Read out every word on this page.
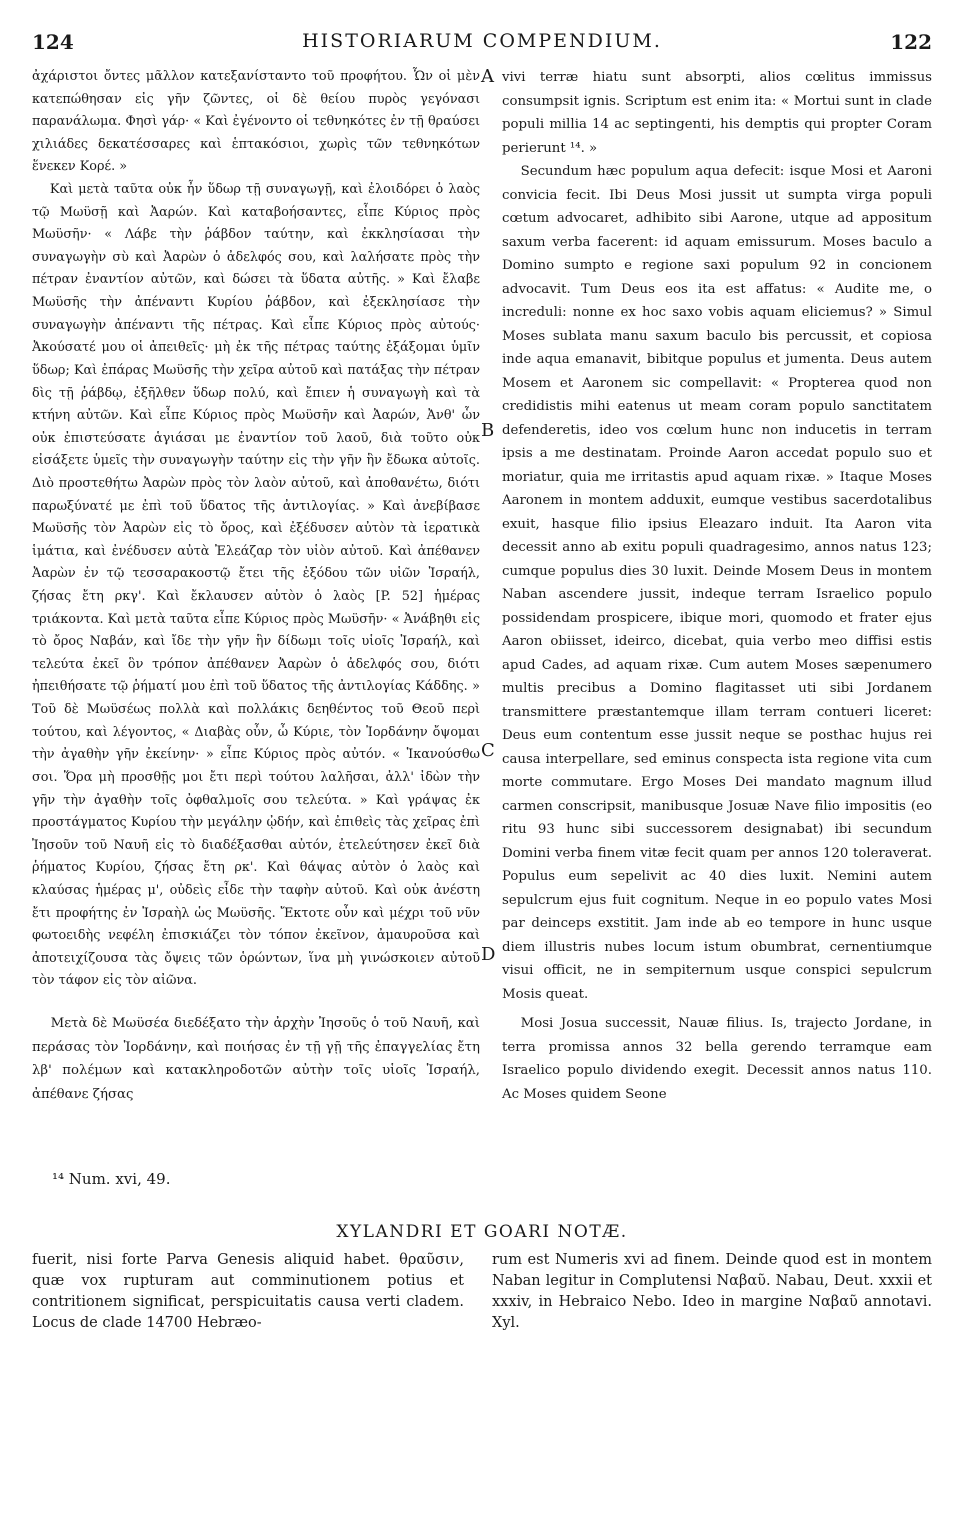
124	HISTORIARUM COMPENDIUM.	122

ἀχάριστοι ὄντες μᾶλλον κατεξανίσταντο τοῦ προφήτου. Ὧν οἱ μὲν κατεπώθησαν εἰς γῆν ζῶντες, οἱ δὲ θείου πυρὸς γεγόνασι παρανάλωμα. Φησὶ γάρ· « Καὶ ἐγένοντο οἱ τεθνηκότες ἐν τῇ θραύσει χιλιάδες δεκατέσσαρες καὶ ἑπτακόσιοι, χωρὶς τῶν τεθνηκότων ἕνεκεν Κορέ. »

Καὶ μετὰ ταῦτα οὐκ ἦν ὕδωρ τῇ συναγωγῇ, καὶ ἐλοιδόρει ὁ λαὸς τῷ Μωϋσῇ καὶ Ἀαρών. Καὶ καταβοήσαντες, εἶπε Κύριος πρὸς Μωϋσῆν· « Λάβε τὴν ῥάβδον ταύτην, καὶ ἐκκλησίασαι τὴν συναγωγὴν σὺ καὶ Ἀαρὼν ὁ ἀδελφός σου, καὶ λαλήσατε πρὸς τὴν πέτραν ἐναντίον αὐτῶν, καὶ δώσει τὰ ὕδατα αὐτῆς. » Καὶ ἔλαβε Μωϋσῆς τὴν ἀπέναντι Κυρίου ῥάβδον, καὶ ἐξεκλησίασε τὴν συναγωγὴν ἀπέναντι τῆς πέτρας. Καὶ εἶπε Κύριος πρὸς αὐτούς· Ἀκούσατέ μου οἱ ἀπειθεῖς· μὴ ἐκ τῆς πέτρας ταύτης ἐξάξομαι ὑμῖν ὕδωρ; Καὶ ἐπάρας Μωϋσῆς τὴν χεῖρα αὐτοῦ καὶ πατάξας τὴν πέτραν δὶς τῇ ῥάβδῳ, ἐξῆλθεν ὕδωρ πολύ, καὶ ἔπιεν ἡ συναγωγὴ καὶ τὰ κτήνη αὐτῶν. Καὶ εἶπε Κύριος πρὸς Μωϋσῆν καὶ Ἀαρών, Ἀνθ' ὧν οὐκ ἐπιστεύσατε ἁγιάσαι με ἐναντίον τοῦ λαοῦ, διὰ τοῦτο οὐκ εἰσάξετε ὑμεῖς τὴν συναγωγὴν ταύτην εἰς τὴν γῆν ἣν ἔδωκα αὐτοῖς. Διὸ προστεθήτω Ἀαρὼν πρὸς τὸν λαὸν αὐτοῦ, καὶ ἀποθανέτω, διότι παρωξύνατέ με ἐπὶ τοῦ ὕδατος τῆς ἀντιλογίας. » Καὶ ἀνεβίβασε Μωϋσῆς τὸν Ἀαρὼν εἰς τὸ ὄρος, καὶ ἐξέδυσεν αὐτὸν τὰ ἱερατικὰ ἱμάτια, καὶ ἐνέδυσεν αὐτὰ Ἐλεάζαρ τὸν υἱὸν αὐτοῦ. Καὶ ἀπέθανεν Ἀαρὼν ἐν τῷ τεσσαρακοστῷ ἔτει τῆς ἐξόδου τῶν υἱῶν Ἰσραήλ, ζήσας ἔτη ρκγ'. Καὶ ἔκλαυσεν αὐτὸν ὁ λαὸς [P. 52] ἡμέρας τριάκοντα. Καὶ μετὰ ταῦτα εἶπε Κύριος πρὸς Μωϋσῆν· « Ἀνάβηθι εἰς τὸ ὄρος Ναβάν, καὶ ἴδε τὴν γῆν ἣν δίδωμι τοῖς υἱοῖς Ἰσραήλ, καὶ τελεύτα ἐκεῖ ὃν τρόπον ἀπέθανεν Ἀαρὼν ὁ ἀδελφός σου, διότι ἠπειθήσατε τῷ ῥήματί μου ἐπὶ τοῦ ὕδατος τῆς ἀντιλογίας Κάδδης. » Τοῦ δὲ Μωϋσέως πολλὰ καὶ πολλάκις δεηθέντος τοῦ Θεοῦ περὶ τούτου, καὶ λέγοντος, « Διαβὰς οὖν, ὦ Κύριε, τὸν Ἰορδάνην ὄψομαι τὴν ἀγαθὴν γῆν ἐκείνην· » εἶπε Κύριος πρὸς αὐτόν. « Ἱκανούσθω σοι. Ὅρα μὴ προσθῇς μοι ἔτι περὶ τούτου λαλῆσαι, ἀλλ' ἰδὼν τὴν γῆν τὴν ἀγαθὴν τοῖς ὀφθαλμοῖς σου τελεύτα. » Καὶ γράψας ἐκ προστάγματος Κυρίου τὴν μεγάλην ᾠδήν, καὶ ἐπιθεὶς τὰς χεῖρας ἐπὶ Ἰησοῦν τοῦ Ναυῆ εἰς τὸ διαδέξασθαι αὐτόν, ἐτελεύτησεν ἐκεῖ διὰ ῥήματος Κυρίου, ζήσας ἔτη ρκ'. Καὶ θάψας αὐτὸν ὁ λαὸς καὶ κλαύσας ἡμέρας μ', οὐδεὶς εἶδε τὴν ταφὴν αὐτοῦ. Καὶ οὐκ ἀνέστη ἔτι προφήτης ἐν Ἰσραὴλ ὡς Μωϋσῆς. Ἔκτοτε οὖν καὶ μέχρι τοῦ νῦν φωτοειδὴς νεφέλη ἐπισκιάζει τὸν τόπον ἐκεῖνον, ἀμαυροῦσα καὶ ἀποτειχίζουσα τὰς ὄψεις τῶν ὁρώντων, ἵνα μὴ γινώσκοιεν αὐτοῦ τὸν τάφον εἰς τὸν αἰῶνα.

vivi terræ hiatu sunt absorpti, alios cœlitus immissus consumpsit ignis. Scriptum est enim ita: « Mortui sunt in clade populi millia 14 ac septingenti, his demptis qui propter Coram perierunt ¹⁴. »

Secundum hæc populum aqua defecit: isque Mosi et Aaroni convicia fecit. Ibi Deus Mosi jussit ut sumpta virga populi cœtum advocaret, adhibito sibi Aarone, utque ad appositum saxum verba facerent: id aquam emissurum. Moses baculo a Domino sumpto e regione saxi populum 92 in concionem advocavit. Tum Deus eos ita est affatus: « Audite me, o increduli: nonne ex hoc saxo vobis aquam eliciemus? » Simul Moses sublata manu saxum baculo bis percussit, et copiosa inde aqua emanavit, bibitque populus et jumenta. Deus autem Mosem et Aaronem sic compellavit: « Propterea quod non credidistis mihi eatenus ut meam coram populo sanctitatem defenderetis, ideo vos cœlum hunc non inducetis in terram ipsis a me destinatam. Proinde Aaron accedat populo suo et moriatur, quia me irritastis apud aquam rixæ. » Itaque Moses Aaronem in montem adduxit, eumque vestibus sacerdotalibus exuit, hasque filio ipsius Eleazaro induit. Ita Aaron vita decessit anno ab exitu populi quadragesimo, annos natus 123; cumque populus dies 30 luxit. Deinde Mosem Deus in montem Naban ascendere jussit, indeque terram Israelico populo possidendam prospicere, ibique mori, quomodo et frater ejus Aaron obiisset, ideirco, dicebat, quia verbo meo diffisi estis apud Cades, ad aquam rixæ. Cum autem Moses sæpenumero multis precibus a Domino flagitasset uti sibi Jordanem transmittere præstantemque illam terram contueri liceret: Deus eum contentum esse jussit neque se posthac hujus rei causa interpellare, sed eminus conspecta ista regione vita cum morte commutare. Ergo Moses Dei mandato magnum illud carmen conscripsit, manibusque Josuæ Nave filio impositis (eo ritu 93 hunc sibi successorem designabat) ibi secundum Domini verba finem vitæ fecit quam per annos 120 toleraverat. Populus eum sepelivit ac 40 dies luxit. Nemini autem sepulcrum ejus fuit cognitum. Neque in eo populo vates Mosi par deinceps exstitit. Jam inde ab eo tempore in hunc usque diem illustris nubes locum istum obumbrat, cernentiumque visui officit, ne in sempiternum usque conspici sepulcrum Mosis queat.

A
B
C
D

Μετὰ δὲ Μωϋσέα διεδέξατο τὴν ἀρχὴν Ἰησοῦς ὁ τοῦ Ναυῆ, καὶ περάσας τὸν Ἰορδάνην, καὶ ποιήσας ἐν τῇ γῇ τῆς ἐπαγγελίας ἔτη λβ' πολέμων καὶ κατακληροδοτῶν αὐτὴν τοῖς υἱοῖς Ἰσραήλ, ἀπέθανε ζήσας

Mosi Josua successit, Nauæ filius. Is, trajecto Jordane, in terra promissa annos 32 bella gerendo terramque eam Israelico populo dividendo exegit. Decessit annos natus 110. Ac Moses quidem Seone

¹⁴ Num. xvi, 49.
XYLANDRI ET GOARI NOTÆ.
fuerit, nisi forte Parva Genesis aliquid habet. θραῦσιν, quæ vox rupturam aut comminutionem potius et contritionem significat, perspicuitatis causa verti cladem. Locus de clade 14700 Hebræo-
rum est Numeris xvi ad finem. Deinde quod est in montem Naban legitur in Complutensi Ναβαῦ. Nabau, Deut. xxxii et xxxiv, in Hebraico Nebo. Ideo in margine Ναβαῦ annotavi. Xyl.
